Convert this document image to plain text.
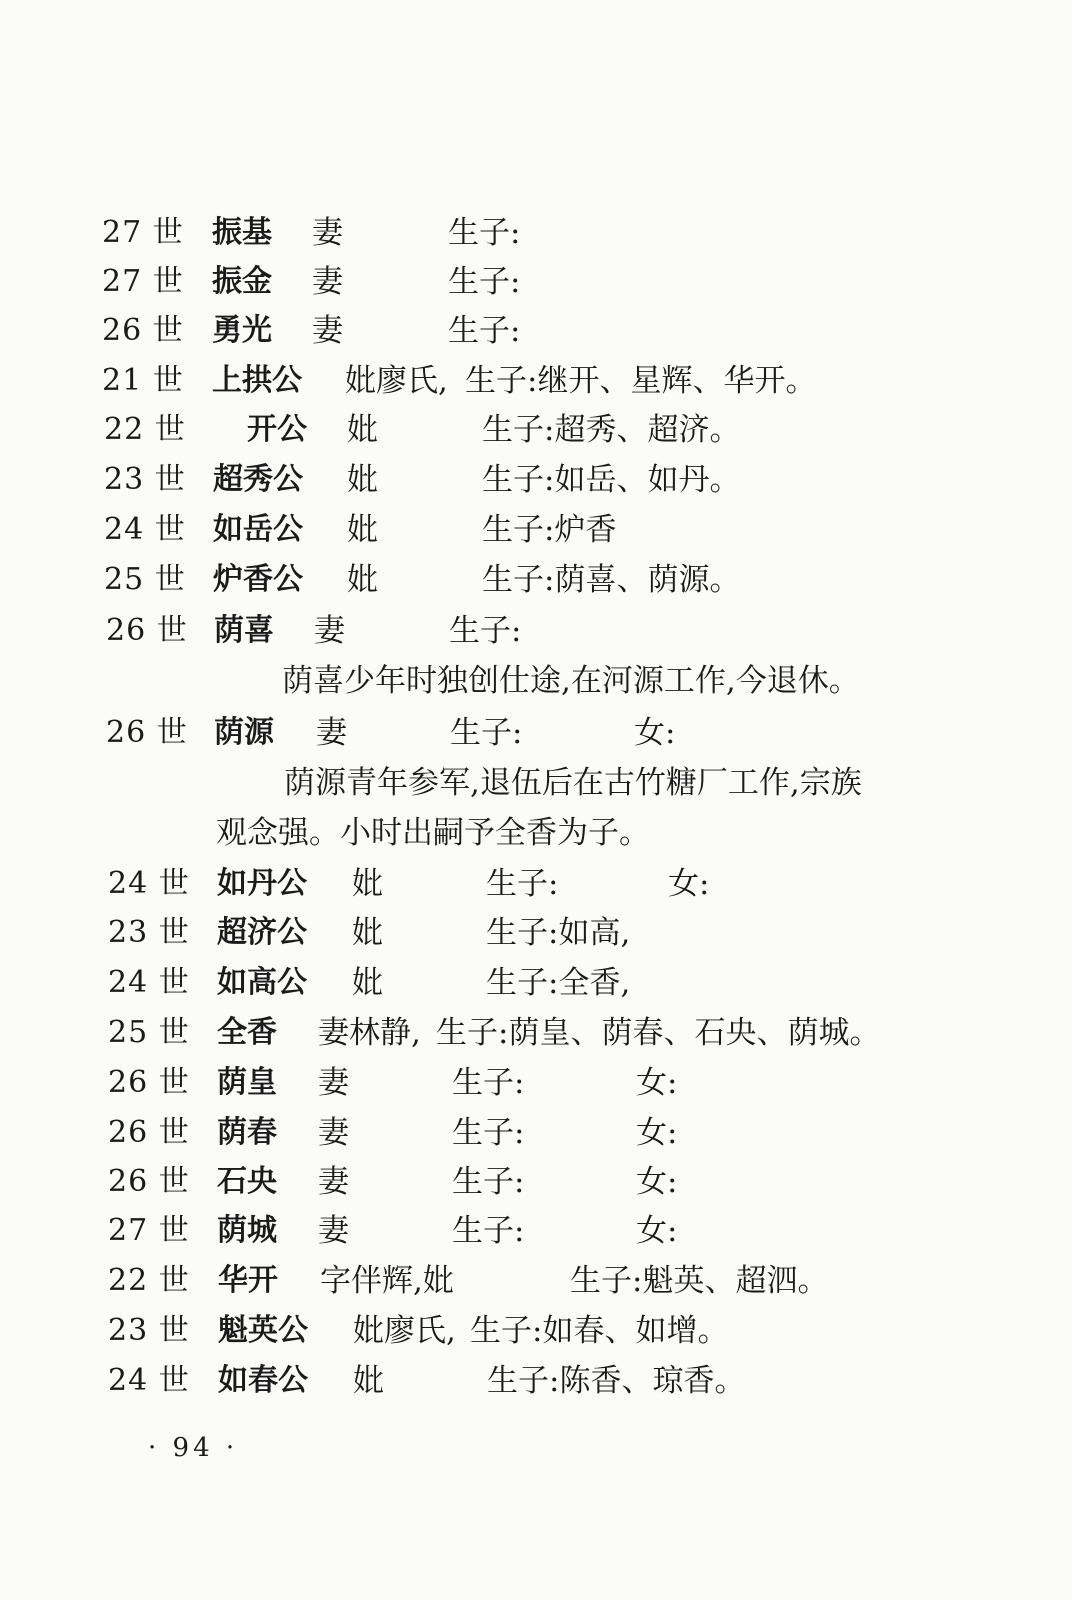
27 世 振基 妻	生子:
27 世 振金 妻	生子:
26 世 勇光 妻	生子:
21 世 上拱公 妣廖氏, 生子:继开、星辉、华开。
22 世 开公 妣	生子:超秀、超济。
23 世 超秀公 妣	生子:如岳、如丹。
24 世 如岳公 妣	生子:炉香
25 世 炉香公 妣	生子:荫喜、荫源。
26 世 荫喜 妻	生子:
荫喜少年时独创仕途,在河源工作,今退休。
26 世 荫源 妻	生子:	女:
荫源青年参军,退伍后在古竹糖厂工作,宗族
观念强。小时出嗣予全香为子。
24 世 如丹公 妣	生子:	女:
23 世 超济公 妣	生子:如高,
24 世 如高公 妣	生子:全香,
25 世 全香 妻林静, 生子:荫皇、荫春、石央、荫城。
26 世 荫皇 妻	生子:	女:
26 世 荫春 妻	生子:	女:
26 世 石央 妻	生子:	女:
27 世 荫城 妻	生子:	女:
22 世 华开 字伴辉,妣	生子:魁英、超泗。
23 世 魁英公 妣廖氏, 生子:如春、如增。
24 世 如春公 妣	生子:陈香、琼香。
· 94 ·
